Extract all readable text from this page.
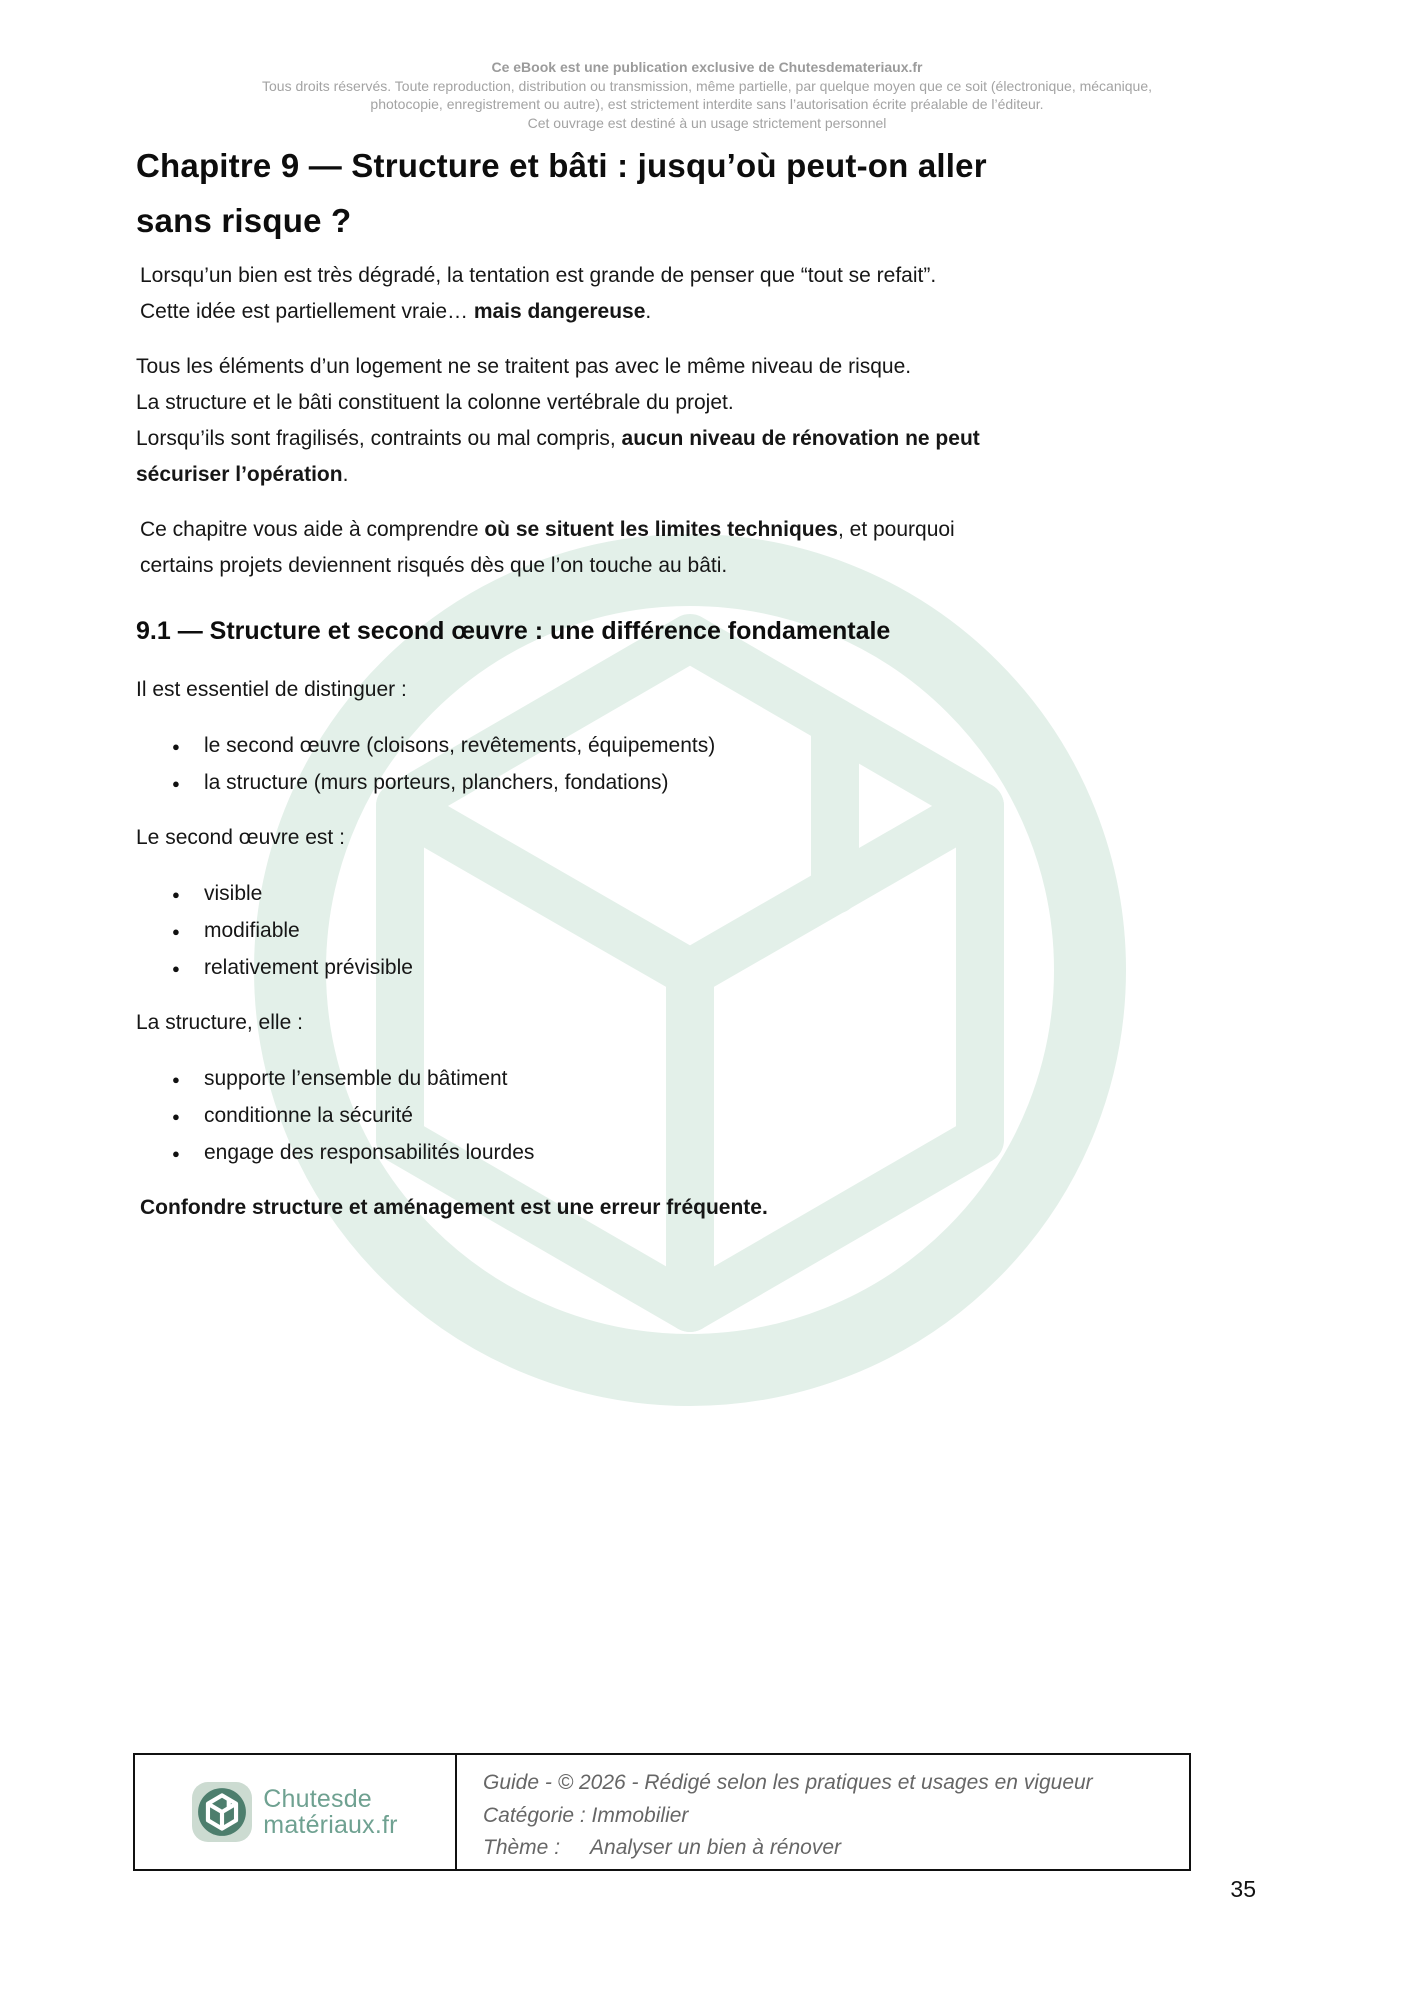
Ce eBook est une publication exclusive de Chutesdemateriaux.fr
Tous droits réservés. Toute reproduction, distribution ou transmission, même partielle, par quelque moyen que ce soit (électronique, mécanique,
photocopie, enregistrement ou autre), est strictement interdite sans l’autorisation écrite préalable de l’éditeur.
Cet ouvrage est destiné à un usage strictement personnel
Chapitre 9 — Structure et bâti : jusqu’où peut-on aller
sans risque ?

Lorsqu’un bien est très dégradé, la tentation est grande de penser que “tout se refait”.
Cette idée est partiellement vraie… mais dangereuse.

Tous les éléments d’un logement ne se traitent pas avec le même niveau de risque.
La structure et le bâti constituent la colonne vertébrale du projet.
Lorsqu’ils sont fragilisés, contraints ou mal compris, aucun niveau de rénovation ne peut
sécuriser l’opération.

Ce chapitre vous aide à comprendre où se situent les limites techniques, et pourquoi
certains projets deviennent risqués dès que l’on touche au bâti.

9.1 — Structure et second œuvre : une différence fondamentale

Il est essentiel de distinguer :

● le second œuvre (cloisons, revêtements, équipements)
● la structure (murs porteurs, planchers, fondations)

Le second œuvre est :

● visible
● modifiable
● relativement prévisible

La structure, elle :

● supporte l’ensemble du bâtiment
● conditionne la sécurité
● engage des responsabilités lourdes

Confondre structure et aménagement est une erreur fréquente.

Chutesde
matériaux.fr
Guide - © 2026 - Rédigé selon les pratiques et usages en vigueur
Catégorie : Immobilier
Thème : Analyser un bien à rénover
35
